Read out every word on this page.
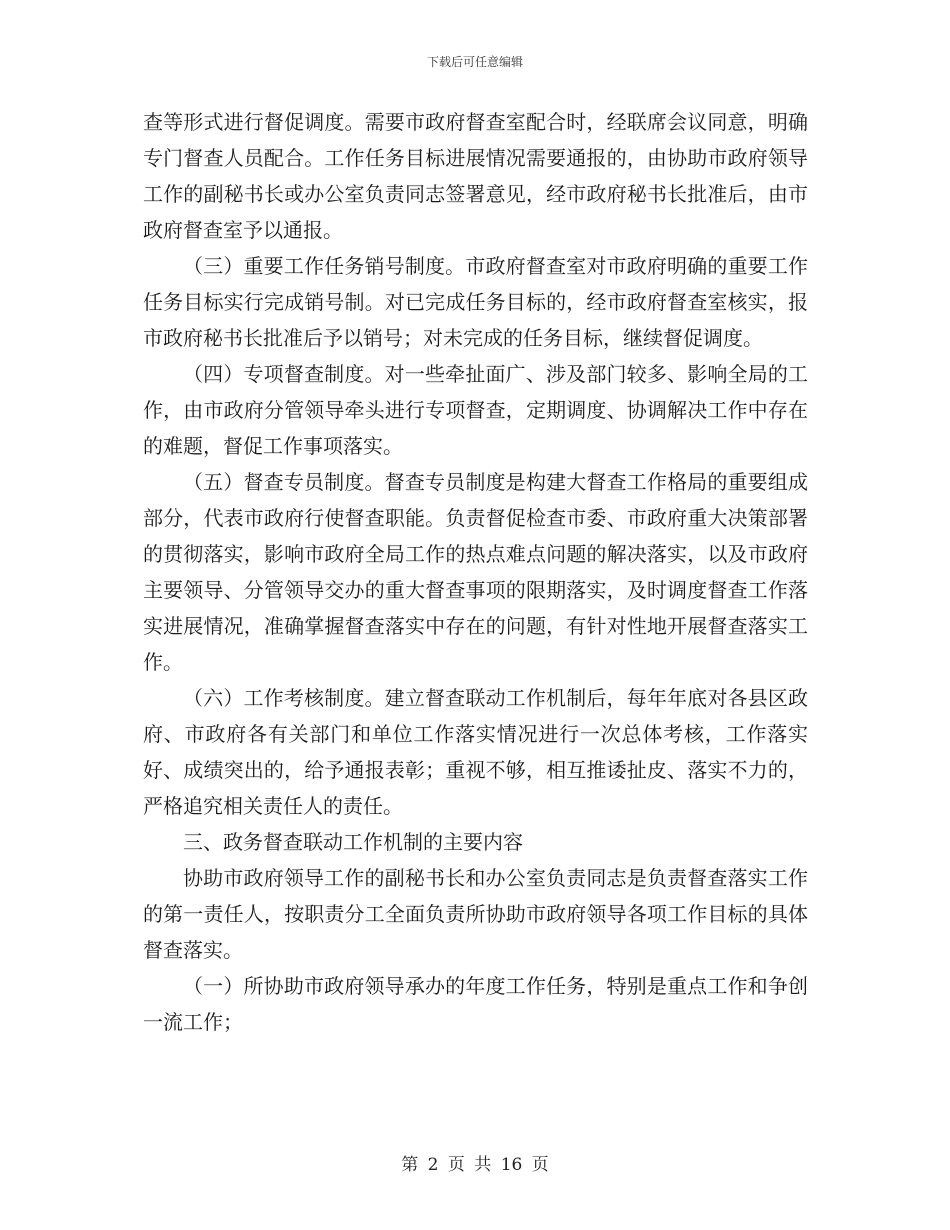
下载后可任意编辑

查等形式进行督促调度。需要市政府督查室配合时，经联席会议同意，明确专门督查人员配合。工作任务目标进展情况需要通报的，由协助市政府领导工作的副秘书长或办公室负责同志签署意见，经市政府秘书长批准后，由市政府督查室予以通报。

（三）重要工作任务销号制度。市政府督查室对市政府明确的重要工作任务目标实行完成销号制。对已完成任务目标的，经市政府督查室核实，报市政府秘书长批准后予以销号；对未完成的任务目标，继续督促调度。

（四）专项督查制度。对一些牵扯面广、涉及部门较多、影响全局的工作，由市政府分管领导牵头进行专项督查，定期调度、协调解决工作中存在的难题，督促工作事项落实。

（五）督查专员制度。督查专员制度是构建大督查工作格局的重要组成部分，代表市政府行使督查职能。负责督促检查市委、市政府重大决策部署的贯彻落实，影响市政府全局工作的热点难点问题的解决落实，以及市政府主要领导、分管领导交办的重大督查事项的限期落实，及时调度督查工作落实进展情况，准确掌握督查落实中存在的问题，有针对性地开展督查落实工作。

（六）工作考核制度。建立督查联动工作机制后，每年年底对各县区政府、市政府各有关部门和单位工作落实情况进行一次总体考核，工作落实好、成绩突出的，给予通报表彰；重视不够，相互推诿扯皮、落实不力的，严格追究相关责任人的责任。

三、政务督查联动工作机制的主要内容

协助市政府领导工作的副秘书长和办公室负责同志是负责督查落实工作的第一责任人，按职责分工全面负责所协助市政府领导各项工作目标的具体督查落实。

（一）所协助市政府领导承办的年度工作任务，特别是重点工作和争创一流工作；

第 2 页 共 16 页
